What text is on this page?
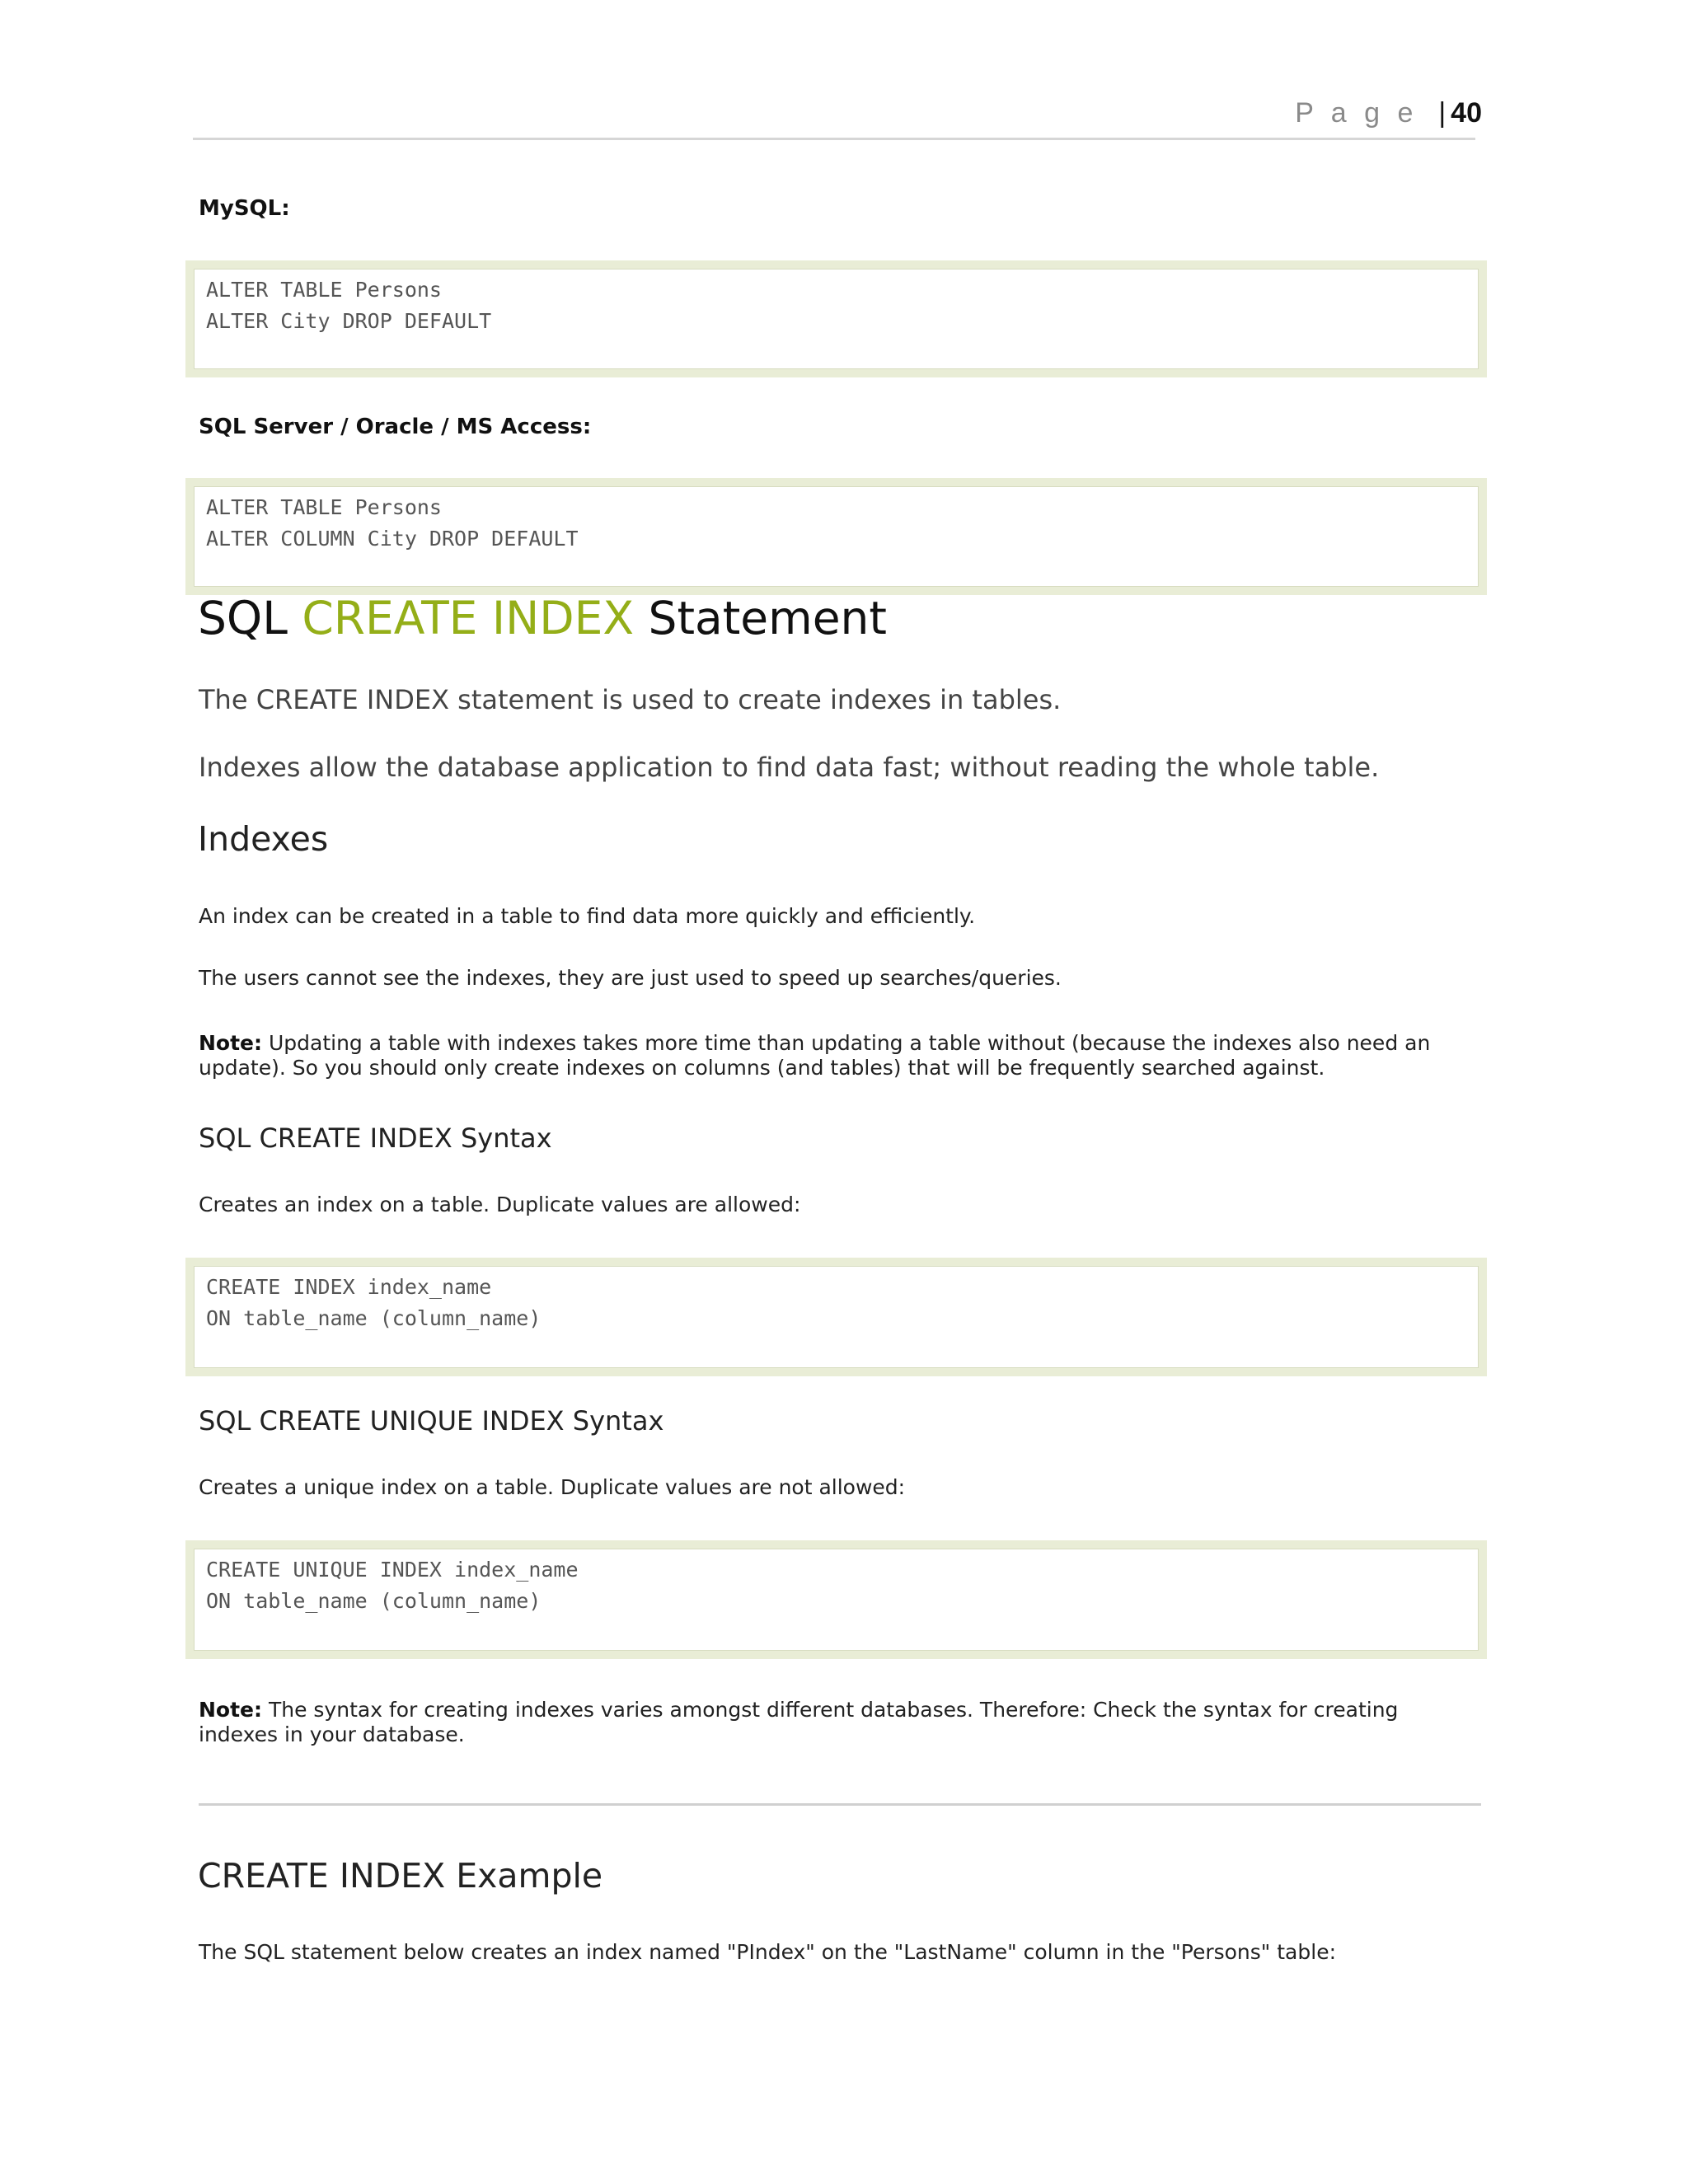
P a g e  | 40
MySQL:
ALTER TABLE Persons
ALTER City DROP DEFAULT
SQL Server / Oracle / MS Access:
ALTER TABLE Persons
ALTER COLUMN City DROP DEFAULT
SQL CREATE INDEX Statement
The CREATE INDEX statement is used to create indexes in tables.
Indexes allow the database application to find data fast; without reading the whole table.
Indexes
An index can be created in a table to find data more quickly and efficiently.
The users cannot see the indexes, they are just used to speed up searches/queries.
Note: Updating a table with indexes takes more time than updating a table without (because the indexes also need an
update). So you should only create indexes on columns (and tables) that will be frequently searched against.
SQL CREATE INDEX Syntax
Creates an index on a table. Duplicate values are allowed:
CREATE INDEX index_name
ON table_name (column_name)
SQL CREATE UNIQUE INDEX Syntax
Creates a unique index on a table. Duplicate values are not allowed:
CREATE UNIQUE INDEX index_name
ON table_name (column_name)
Note: The syntax for creating indexes varies amongst different databases. Therefore: Check the syntax for creating
indexes in your database.
CREATE INDEX Example
The SQL statement below creates an index named "PIndex" on the "LastName" column in the "Persons" table:
